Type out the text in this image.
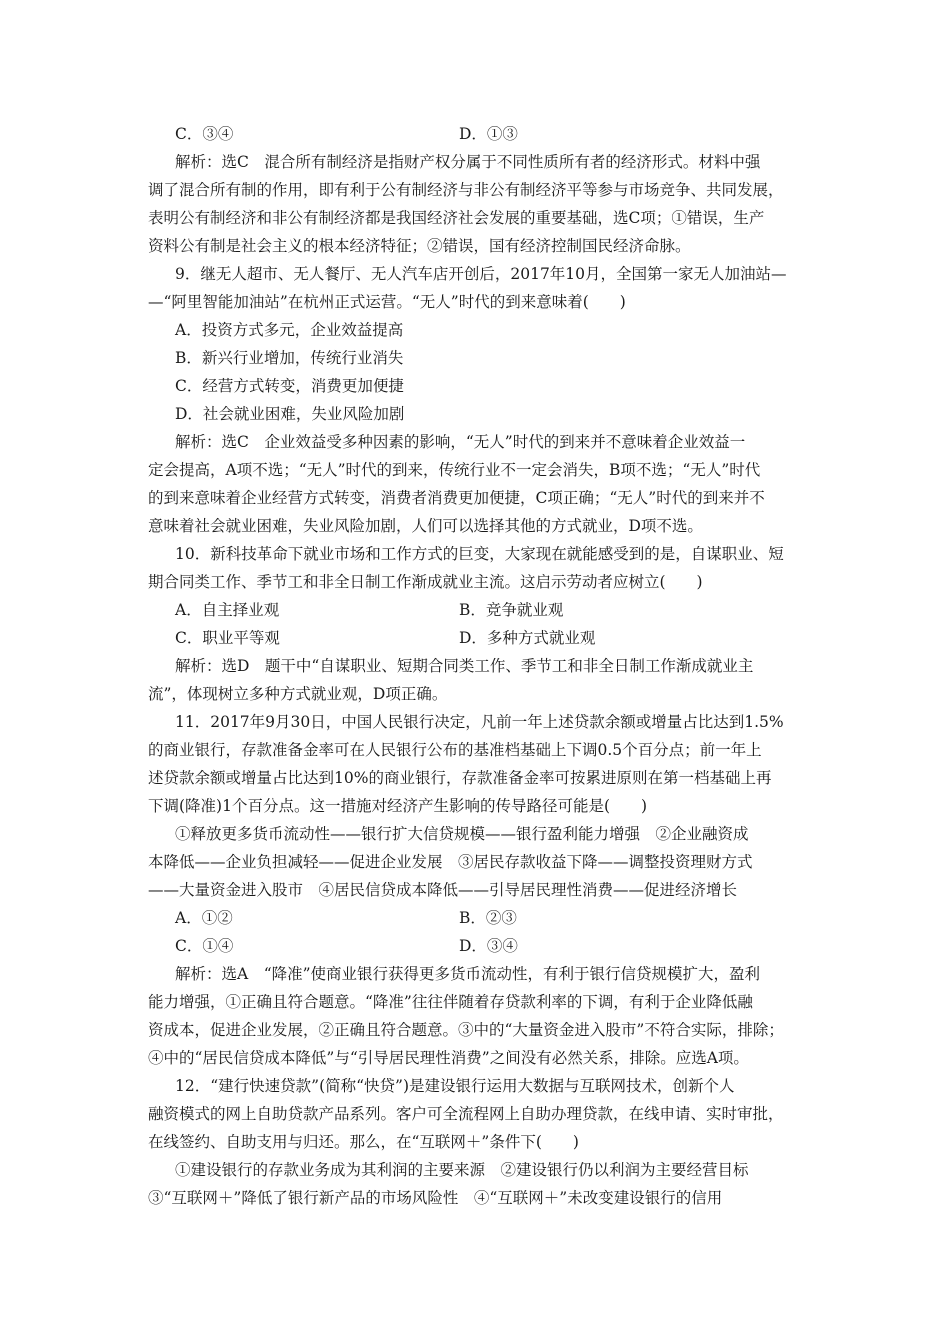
C．③④	D．①③
解析：选C　混合所有制经济是指财产权分属于不同性质所有者的经济形式。材料中强
调了混合所有制的作用，即有利于公有制经济与非公有制经济平等参与市场竞争、共同发展，
表明公有制经济和非公有制经济都是我国经济社会发展的重要基础，选C项；①错误，生产
资料公有制是社会主义的根本经济特征；②错误，国有经济控制国民经济命脉。
9．继无人超市、无人餐厅、无人汽车店开创后，2017年10月，全国第一家无人加油站—
—“阿里智能加油站”在杭州正式运营。“无人”时代的到来意味着(　　)
A．投资方式多元，企业效益提高
B．新兴行业增加，传统行业消失
C．经营方式转变，消费更加便捷
D．社会就业困难，失业风险加剧
解析：选C　企业效益受多种因素的影响，“无人”时代的到来并不意味着企业效益一
定会提高，A项不选；“无人”时代的到来，传统行业不一定会消失，B项不选；“无人”时代
的到来意味着企业经营方式转变，消费者消费更加便捷，C项正确；“无人”时代的到来并不
意味着社会就业困难，失业风险加剧，人们可以选择其他的方式就业，D项不选。
10．新科技革命下就业市场和工作方式的巨变，大家现在就能感受到的是，自谋职业、短
期合同类工作、季节工和非全日制工作渐成就业主流。这启示劳动者应树立(　　)
A．自主择业观	B．竞争就业观
C．职业平等观	D．多种方式就业观
解析：选D　题干中“自谋职业、短期合同类工作、季节工和非全日制工作渐成就业主
流”，体现树立多种方式就业观，D项正确。
11．2017年9月30日，中国人民银行决定，凡前一年上述贷款余额或增量占比达到1.5%
的商业银行，存款准备金率可在人民银行公布的基准档基础上下调0.5个百分点；前一年上
述贷款余额或增量占比达到10%的商业银行，存款准备金率可按累进原则在第一档基础上再
下调(降准)1个百分点。这一措施对经济产生影响的传导路径可能是(　　)
①释放更多货币流动性——银行扩大信贷规模——银行盈利能力增强　②企业融资成
本降低——企业负担减轻——促进企业发展　③居民存款收益下降——调整投资理财方式
——大量资金进入股市　④居民信贷成本降低——引导居民理性消费——促进经济增长
A．①②	B．②③
C．①④	D．③④
解析：选A　“降准”使商业银行获得更多货币流动性，有利于银行信贷规模扩大，盈利
能力增强，①正确且符合题意。“降准”往往伴随着存贷款利率的下调，有利于企业降低融
资成本，促进企业发展，②正确且符合题意。③中的“大量资金进入股市”不符合实际，排除；
④中的“居民信贷成本降低”与“引导居民理性消费”之间没有必然关系，排除。应选A项。
12．“建行快速贷款”(简称“快贷”)是建设银行运用大数据与互联网技术，创新个人
融资模式的网上自助贷款产品系列。客户可全流程网上自助办理贷款，在线申请、实时审批，
在线签约、自助支用与归还。那么，在“互联网＋”条件下(　　)
①建设银行的存款业务成为其利润的主要来源　②建设银行仍以利润为主要经营目标
③“互联网＋”降低了银行新产品的市场风险性　④“互联网＋”未改变建设银行的信用
